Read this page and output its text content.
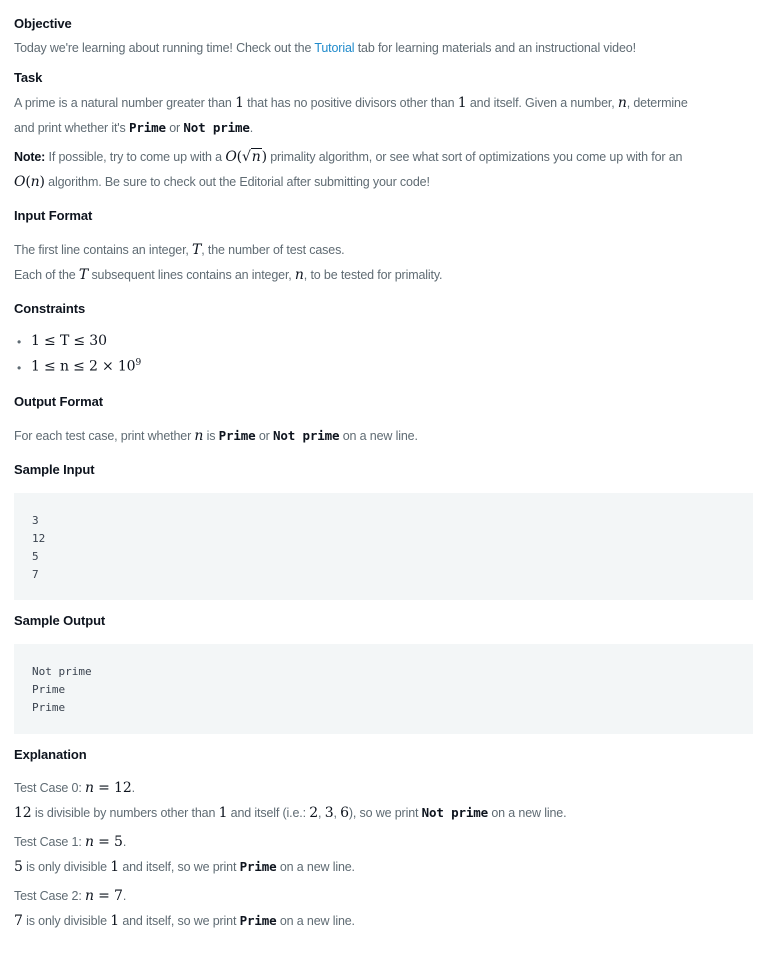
Objective
Today we're learning about running time! Check out the Tutorial tab for learning materials and an instructional video!
Task
A prime is a natural number greater than 1 that has no positive divisors other than 1 and itself. Given a number, n, determine
and print whether it's Prime or Not prime.
Note: If possible, try to come up with a O(√n) primality algorithm, or see what sort of optimizations you come up with for an
O(n) algorithm. Be sure to check out the Editorial after submitting your code!
Input Format
The first line contains an integer, T, the number of test cases.
Each of the T subsequent lines contains an integer, n, to be tested for primality.
Constraints
• 1 ≤ T ≤ 30
• $1 \le n \le 2 \times 10^9$
Output Format
For each test case, print whether n is Prime or Not prime on a new line.
Sample Input
3
12
5
7
Sample Output
Not prime
Prime
Prime
Explanation
Test Case 0: n = 12.
12 is divisible by numbers other than 1 and itself (i.e.: 2, 3, 6), so we print Not prime on a new line.
Test Case 1: n = 5.
5 is only divisible 1 and itself, so we print Prime on a new line.
Test Case 2: n = 7.
7 is only divisible 1 and itself, so we print Prime on a new line.
